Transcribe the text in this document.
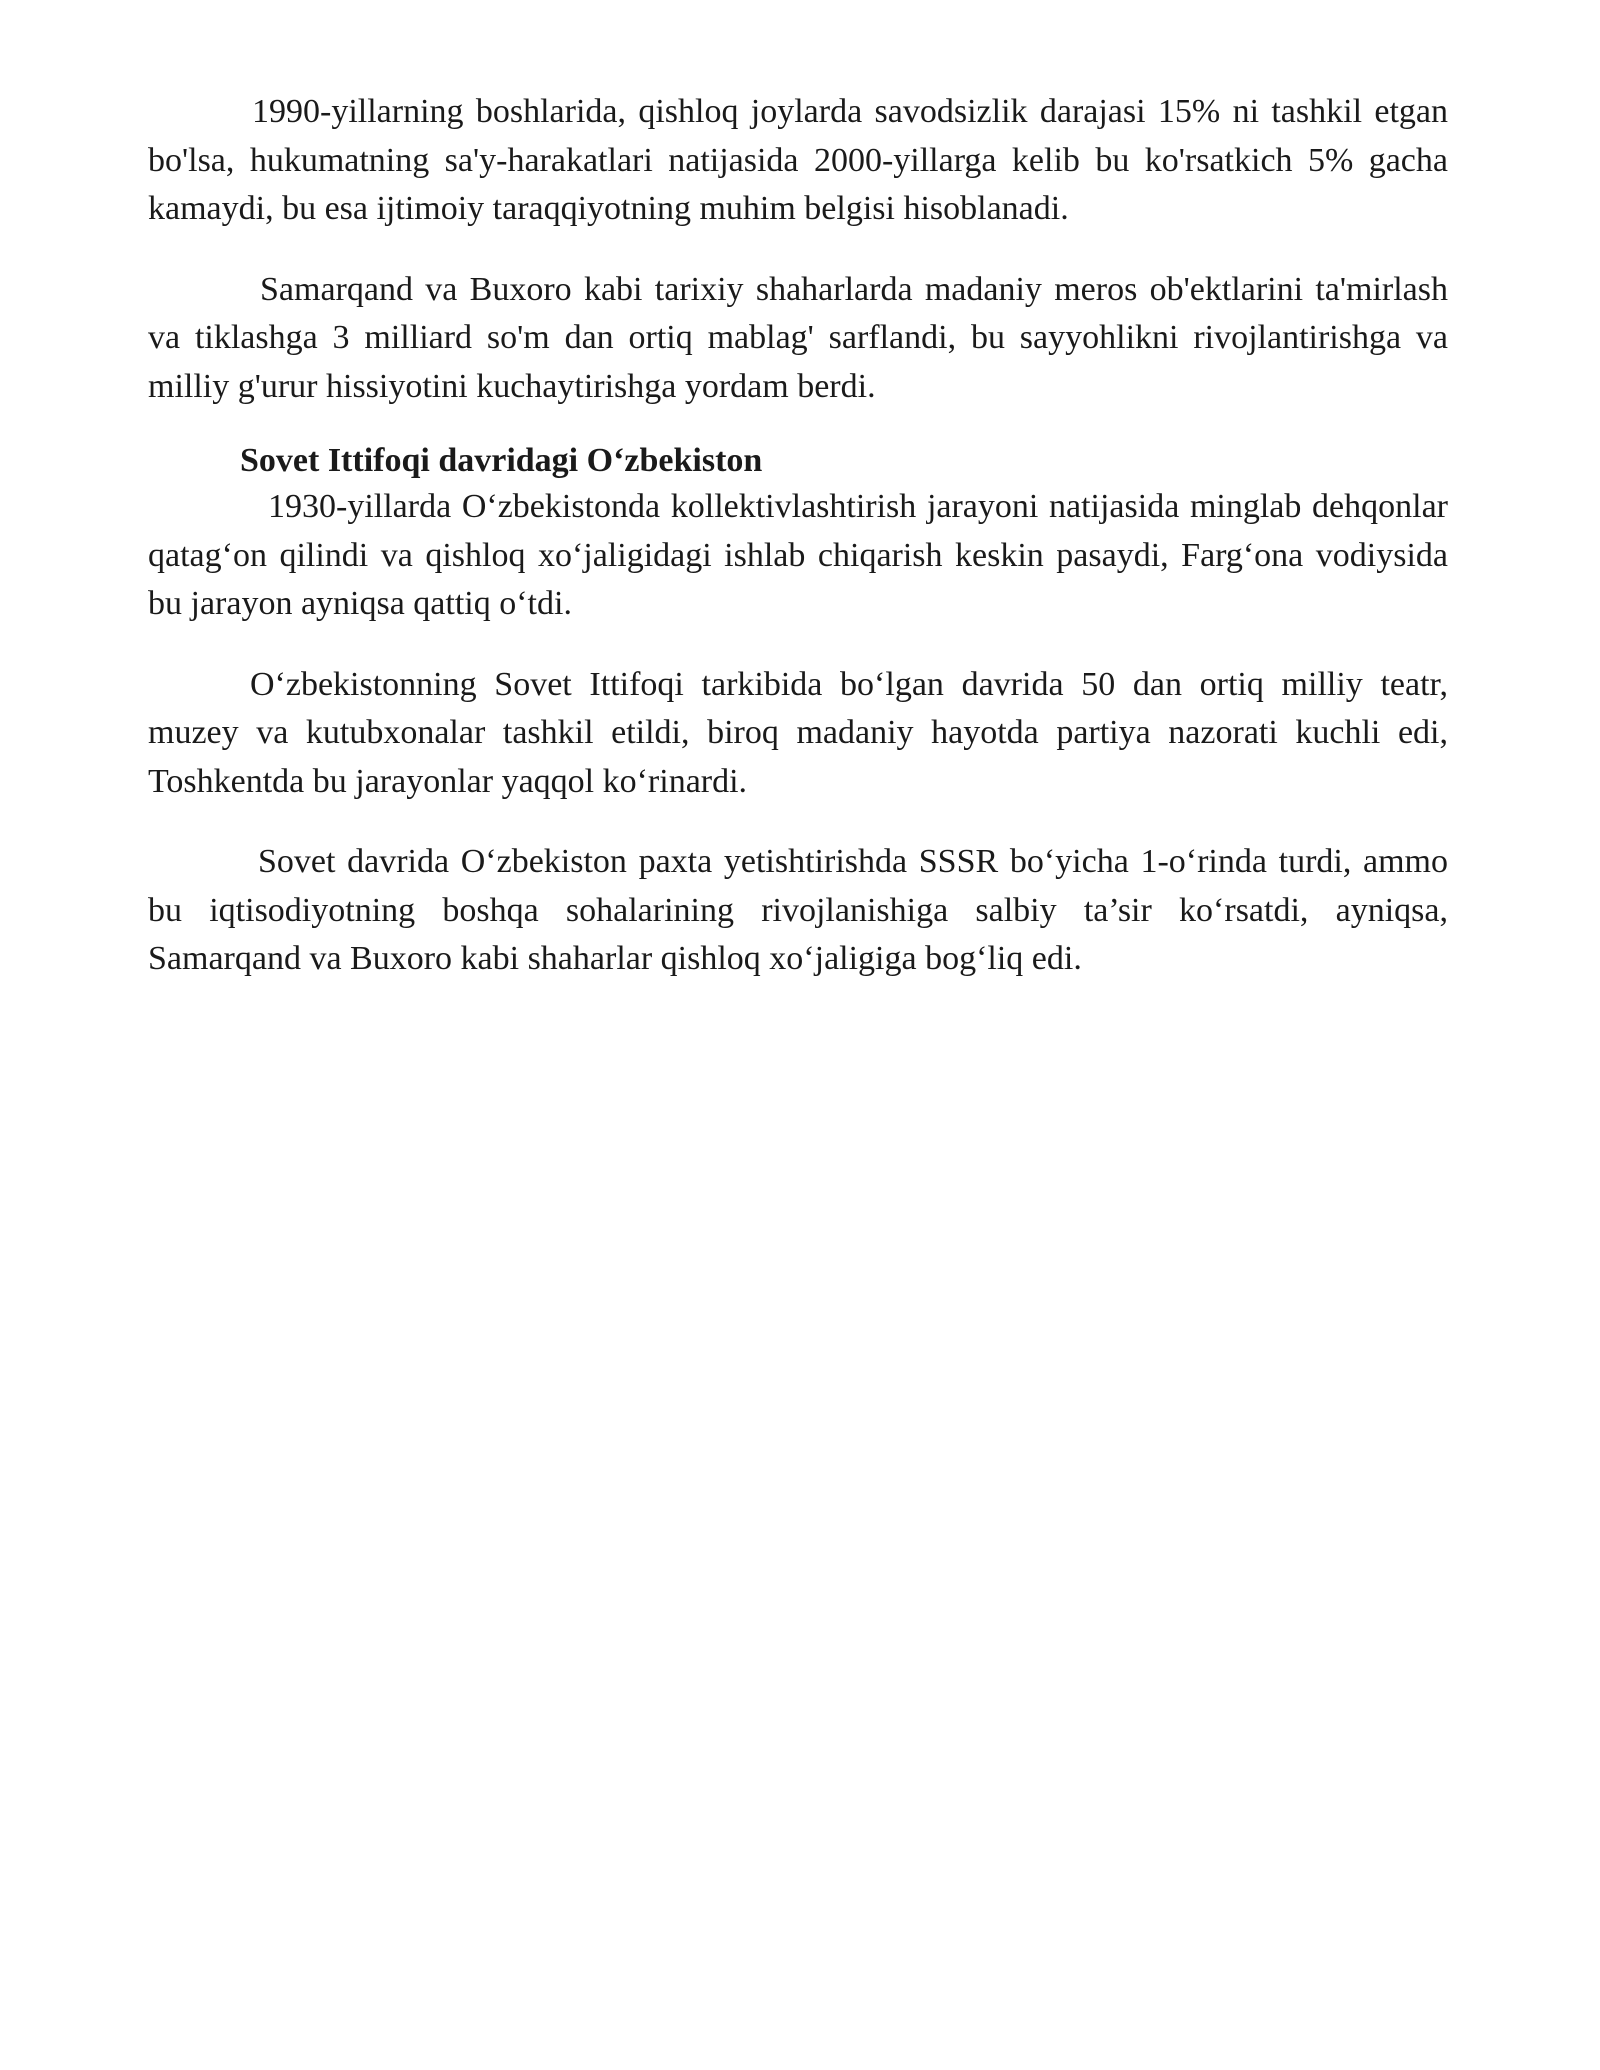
1990-yillarning boshlarida, qishloq joylarda savodsizlik darajasi 15% ni tashkil etgan bo'lsa, hukumatning sa'y-harakatlari natijasida 2000-yillarga kelib bu ko'rsatkich 5% gacha kamaydi, bu esa ijtimoiy taraqqiyotning muhim belgisi hisoblanadi.

Samarqand va Buxoro kabi tarixiy shaharlarda madaniy meros ob'ektlarini ta'mirlash va tiklashga 3 milliard so'm dan ortiq mablag' sarflandi, bu sayyohlikni rivojlantirishga va milliy g'urur hissiyotini kuchaytirishga yordam berdi.

Sovet Ittifoqi davridagi O‘zbekiston

1930-yillarda O‘zbekistonda kollektivlashtirish jarayoni natijasida minglab dehqonlar qatag‘on qilindi va qishloq xo‘jaligidagi ishlab chiqarish keskin pasaydi, Farg‘ona vodiysida bu jarayon ayniqsa qattiq o‘tdi.

O‘zbekistonning Sovet Ittifoqi tarkibida bo‘lgan davrida 50 dan ortiq milliy teatr, muzey va kutubxonalar tashkil etildi, biroq madaniy hayotda partiya nazorati kuchli edi, Toshkentda bu jarayonlar yaqqol ko‘rinardi.

Sovet davrida O‘zbekiston paxta yetishtirishda SSSR bo‘yicha 1-o‘rinda turdi, ammo bu iqtisodiyotning boshqa sohalarining rivojlanishiga salbiy ta’sir ko‘rsatdi, ayniqsa, Samarqand va Buxoro kabi shaharlar qishloq xo‘jaligiga bog‘liq edi.
